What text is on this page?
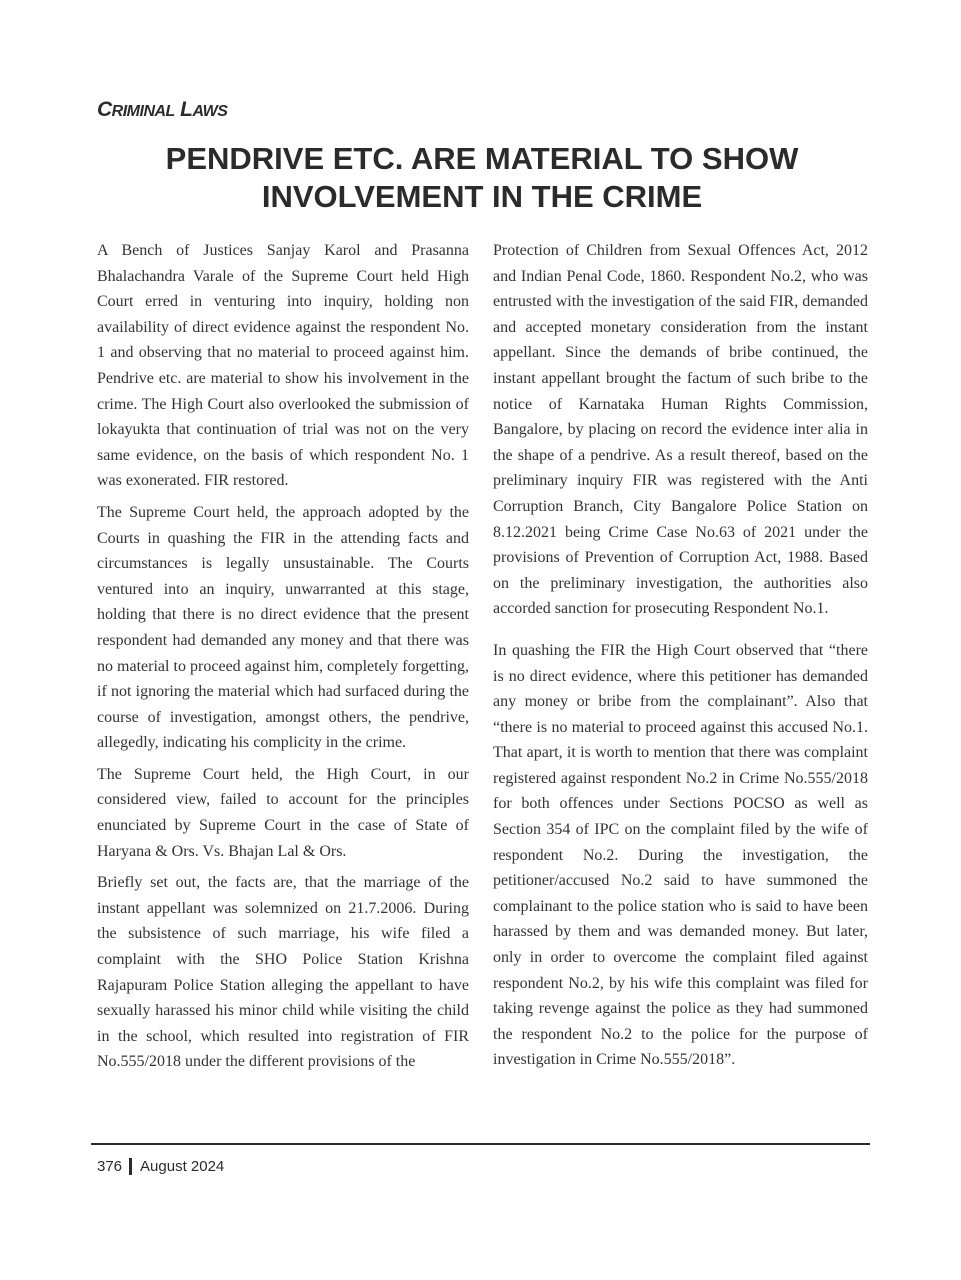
CRIMINAL LAWS
PENDRIVE ETC. ARE MATERIAL TO SHOW
INVOLVEMENT IN THE CRIME

A Bench of Justices Sanjay Karol and Prasanna Bhalachandra Varale of the Supreme Court held High Court erred in venturing into inquiry, holding non availability of direct evidence against the respondent No. 1 and observing that no material to proceed against him. Pendrive etc. are material to show his involvement in the crime. The High Court also overlooked the submission of lokayukta that continuation of trial was not on the very same evidence, on the basis of which respondent No. 1 was exonerated. FIR restored.

The Supreme Court held, the approach adopted by the Courts in quashing the FIR in the attending facts and circumstances is legally unsustainable. The Courts ventured into an inquiry, unwarranted at this stage, holding that there is no direct evidence that the present respondent had demanded any money and that there was no material to proceed against him, completely forgetting, if not ignoring the material which had surfaced during the course of investigation, amongst others, the pendrive, allegedly, indicating his complicity in the crime.

The Supreme Court held, the High Court, in our considered view, failed to account for the principles enunciated by Supreme Court in the case of State of Haryana & Ors. Vs. Bhajan Lal & Ors.

Briefly set out, the facts are, that the marriage of the instant appellant was solemnized on 21.7.2006. During the subsistence of such marriage, his wife filed a complaint with the SHO Police Station Krishna Rajapuram Police Station alleging the appellant to have sexually harassed his minor child while visiting the child in the school, which resulted into registration of FIR No.555/2018 under the different provisions of the

Protection of Children from Sexual Offences Act, 2012 and Indian Penal Code, 1860. Respondent No.2, who was entrusted with the investigation of the said FIR, demanded and accepted monetary consideration from the instant appellant. Since the demands of bribe continued, the instant appellant brought the factum of such bribe to the notice of Karnataka Human Rights Commission, Bangalore, by placing on record the evidence inter alia in the shape of a pendrive. As a result thereof, based on the preliminary inquiry FIR was registered with the Anti Corruption Branch, City Bangalore Police Station on 8.12.2021 being Crime Case No.63 of 2021 under the provisions of Prevention of Corruption Act, 1988. Based on the preliminary investigation, the authorities also accorded sanction for prosecuting Respondent No.1.

In quashing the FIR the High Court observed that “there is no direct evidence, where this petitioner has demanded any money or bribe from the complainant”. Also that “there is no material to proceed against this accused No.1. That apart, it is worth to mention that there was complaint registered against respondent No.2 in Crime No.555/2018 for both offences under Sections POCSO as well as Section 354 of IPC on the complaint filed by the wife of respondent No.2. During the investigation, the petitioner/accused No.2 said to have summoned the complainant to the police station who is said to have been harassed by them and was demanded money. But later, only in order to overcome the complaint filed against respondent No.2, by his wife this complaint was filed for taking revenge against the police as they had summoned the respondent No.2 to the police for the purpose of investigation in Crime No.555/2018”.

376 August 2024
